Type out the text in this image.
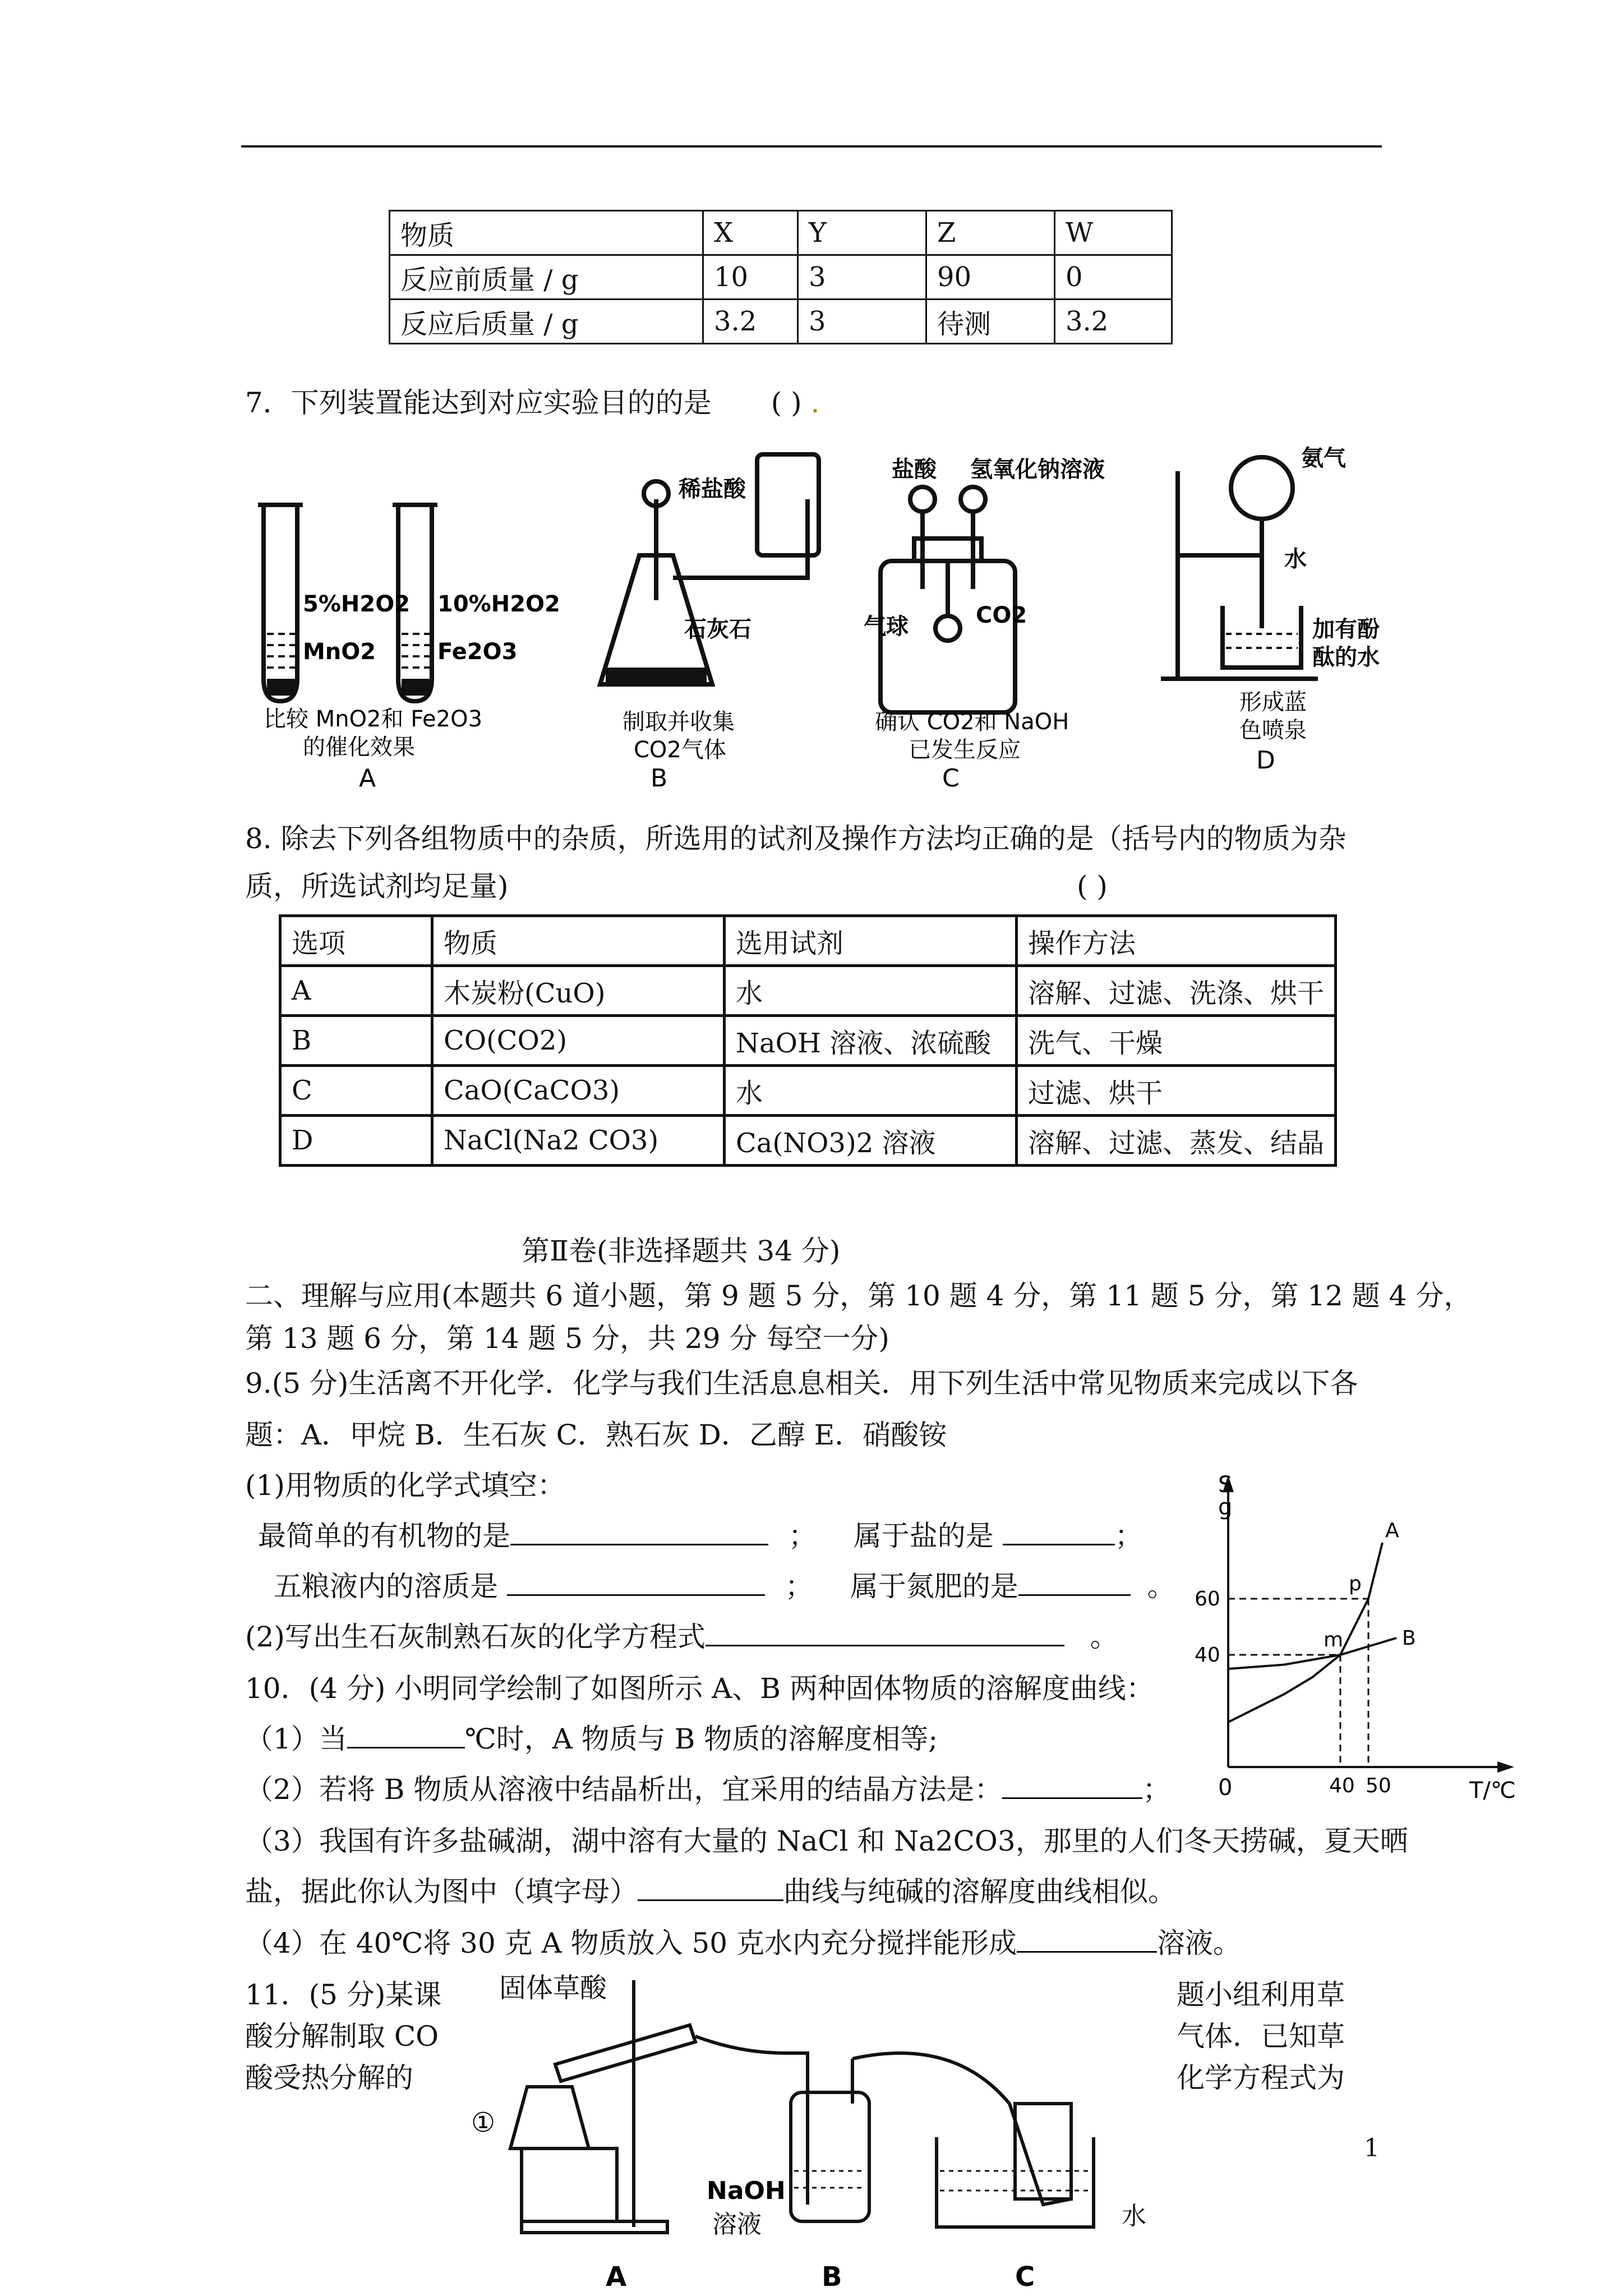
物质	X	Y	Z	W
反应前质量 / g	10	3	90	0
反应后质量 / g	3.2	3	待测	3.2
7．下列装置能达到对应实验目的的是 ( ) .
5%H2O2
MnO2
10%H2O2
Fe2O3
比较 MnO2和 Fe2O3
的催化效果
A
稀盐酸
石灰石
制取并收集
CO2气体
B
盐酸 氢氧化钠溶液
气球	CO2
确认 CO2和 NaOH
已发生反应
C
氨气
水
加有酚
酞的水
形成蓝
色喷泉
D
8. 除去下列各组物质中的杂质，所选用的试剂及操作方法均正确的是（括号内的物质为杂
质，所选试剂均足量)	( )
选项	物质	选用试剂	操作方法
A	木炭粉(CuO)	水	溶解、过滤、洗涤、烘干
B	CO(CO2)	NaOH 溶液、浓硫酸	洗气、干燥
C	CaO(CaCO3)	水	过滤、烘干
D	NaCl(Na2 CO3)	Ca(NO3)2 溶液	溶解、过滤、蒸发、结晶
第Ⅱ卷(非选择题共 34 分)
二、理解与应用(本题共 6 道小题，第 9 题 5 分，第 10 题 4 分，第 11 题 5 分，第 12 题 4 分，
第 13 题 6 分，第 14 题 5 分，共 29 分 每空一分)
9.(5 分)生活离不开化学．化学与我们生活息息相关．用下列生活中常见物质来完成以下各
题：A．甲烷 B．生石灰 C．熟石灰 D．乙醇 E．硝酸铵
(1)用物质的化学式填空：
最简单的有机物的是	； 属于盐的是	；
五粮液内的溶质是	； 属于氮肥的是	。
(2)写出生石灰制熟石灰的化学方程式	。
10．(4 分) 小明同学绘制了如图所示 A、B 两种固体物质的溶解度曲线：
（1）当	℃时，A 物质与 B 物质的溶解度相等;
（2）若将 B 物质从溶液中结晶析出，宜采用的结晶方法是：	；
（3）我国有许多盐碱湖，湖中溶有大量的 NaCl 和 Na2CO3，那里的人们冬天捞碱，夏天晒
盐，据此你认为图中（填字母）	曲线与纯碱的溶解度曲线相似。
（4）在 40℃将 30 克 A 物质放入 50 克水内充分搅拌能形成	溶液。
60
40
40 50
A
B
p
m
S
g
T/℃
0
11．(5 分)某课	题小组利用草
酸分解制取 CO	气体．已知草
酸受热分解的	化学方程式为
固体草酸
①
NaOH
溶液	水
A	B	C
1
